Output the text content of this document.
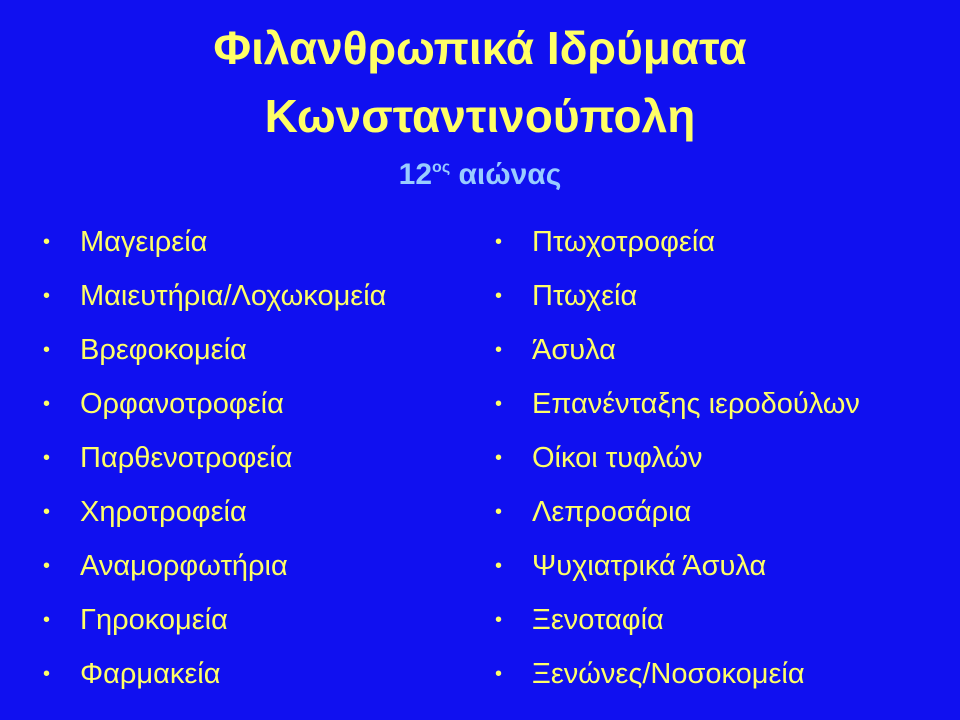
Φιλανθρωπικά Ιδρύματα
Κωνσταντινούπολη
$12^{o\varsigma}$ αιώνας
• Μαγειρεία
• Μαιευτήρια/Λοχωκομεία
• Βρεφοκομεία
• Ορφανοτροφεία
• Παρθενοτροφεία
• Χηροτροφεία
• Αναμορφωτήρια
• Γηροκομεία
• Φαρμακεία
• Πτωχοτροφεία
• Πτωχεία
• Άσυλα
• Επανένταξης ιεροδούλων
• Οίκοι τυφλών
• Λεπροσάρια
• Ψυχιατρικά Άσυλα
• Ξενοταφία
• Ξενώνες/Νοσοκομεία
